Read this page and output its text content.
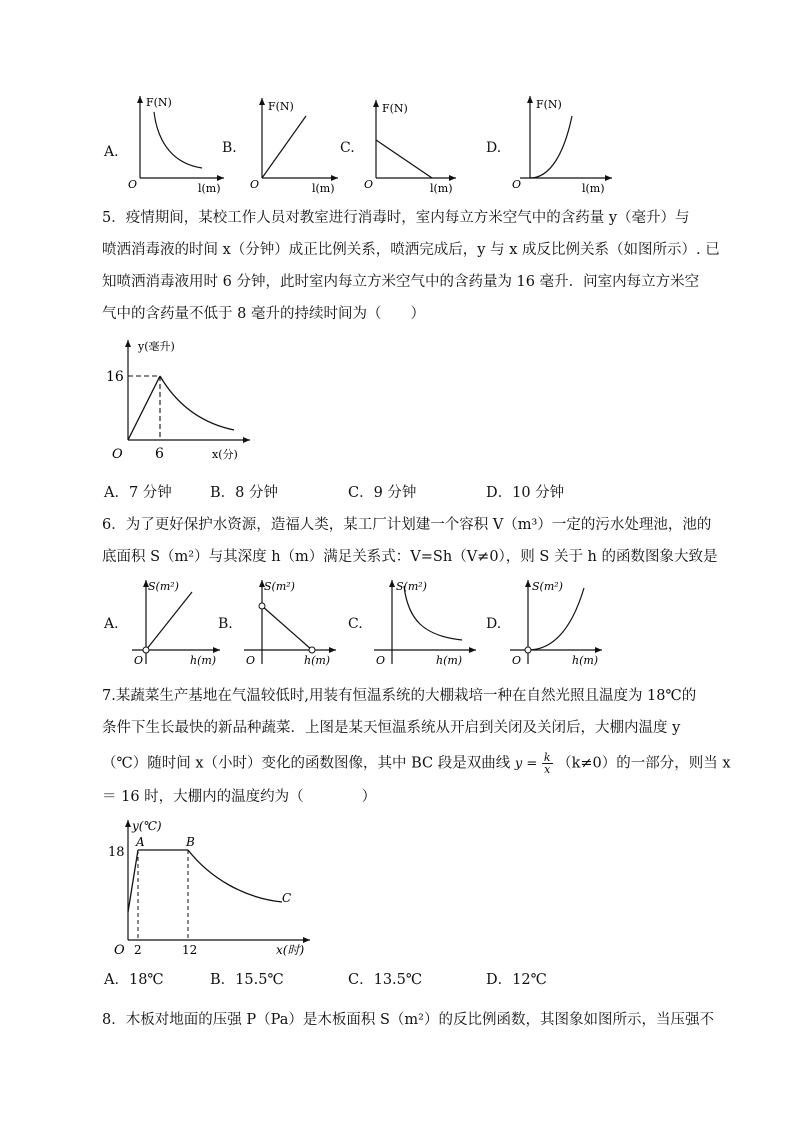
A.
F(N)
O	l(m)
B.
F(N)
O	l(m)
C.
F(N)
O	l(m)
D.
F(N)
O	l(m)
5．疫情期间，某校工作人员对教室进行消毒时，室内每立方米空气中的含药量 y（毫升）与
喷洒消毒液的时间 x（分钟）成正比例关系，喷洒完成后，y 与 x 成反比例关系（如图所示）. 已
知喷洒消毒液用时 6 分钟，此时室内每立方米空气中的含药量为 16 毫升．问室内每立方米空
气中的含药量不低于 8 毫升的持续时间为（　　）
y(毫升)
16
O 6	x(分)
A．7 分钟	B．8 分钟	C．9 分钟	D．10 分钟
6．为了更好保护水资源，造福人类，某工厂计划建一个容积 V（m³）一定的污水处理池，池的
底面积 S（m²）与其深度 h（m）满足关系式：V=Sh（V≠0），则 S 关于 h 的函数图象大致是
A.
S(m²)
O	h(m)
B.
S(m²)
O	h(m)
C.
S(m²)
O	h(m)
D.
S(m²)
O	h(m)
7.某蔬菜生产基地在气温较低时,用装有恒温系统的大棚栽培一种在自然光照且温度为 18℃的
条件下生长最快的新品种蔬菜．上图是某天恒温系统从开启到关闭及关闭后，大棚内温度 y
（℃）随时间 x（小时）变化的函数图像，其中 BC 段是双曲线 $y = \frac{k}{x} (k\ne 0)$的一部分，则当 x
＝ 16 时，大棚内的温度约为（　　　　）
y(℃)
18
A	B
C
O 2	12	x(时)
A．18℃	B．15.5℃	C．13.5℃	D．12℃
8．木板对地面的压强 P（Pa）是木板面积 S（m²）的反比例函数，其图象如图所示，当压强不
